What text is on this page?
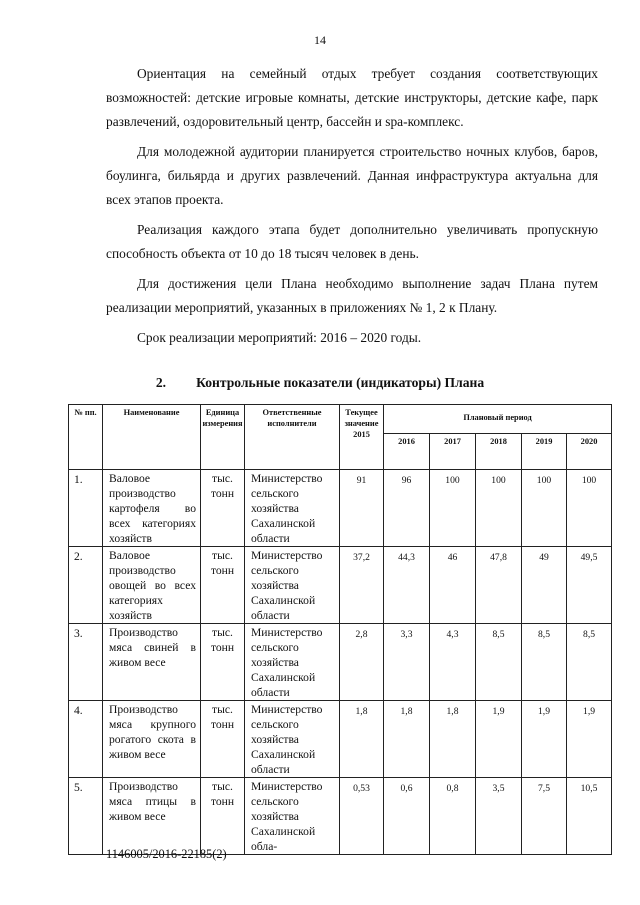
14

Ориентация на семейный отдых требует создания соответствующих возможностей: детские игровые комнаты, детские инструкторы, детские кафе, парк развлечений, оздоровительный центр, бассейн и spa-комплекс.

Для молодежной аудитории планируется строительство ночных клубов, баров, боулинга, бильярда и других развлечений. Данная инфраструктура актуальна для всех этапов проекта.

Реализация каждого этапа будет дополнительно увеличивать пропускную способность объекта от 10 до 18 тысяч человек в день.

Для достижения цели Плана необходимо выполнение задач Плана путем реализации мероприятий, указанных в приложениях № 1, 2 к Плану.

Срок реализации мероприятий: 2016 – 2020 годы.

2. Контрольные показатели (индикаторы) Плана
№ пп.	Наименование	Единица измерения	Ответственные исполнители	Текущее значение 2015	Плановый период				
					2016	2017	2018	2019	2020
1.	Валовое производство картофеля во всех категориях хозяйств	тыс. тонн	Министерство сельского хозяйства Сахалинской области	91	96	100	100	100	100
2.	Валовое производство овощей во всех категориях хозяйств	тыс. тонн	Министерство сельского хозяйства Сахалинской области	37,2	44,3	46	47,8	49	49,5
3.	Производство мяса свиней в живом весе	тыс. тонн	Министерство сельского хозяйства Сахалинской области	2,8	3,3	4,3	8,5	8,5	8,5
4.	Производство мяса крупного рогатого скота в живом весе	тыс. тонн	Министерство сельского хозяйства Сахалинской области	1,8	1,8	1,8	1,9	1,9	1,9
5.	Производство мяса птицы в живом весе	тыс. тонн	Министерство сельского хозяйства Сахалинской обла-	0,53	0,6	0,8	3,5	7,5	10,5
1146005/2016-22185(2)
